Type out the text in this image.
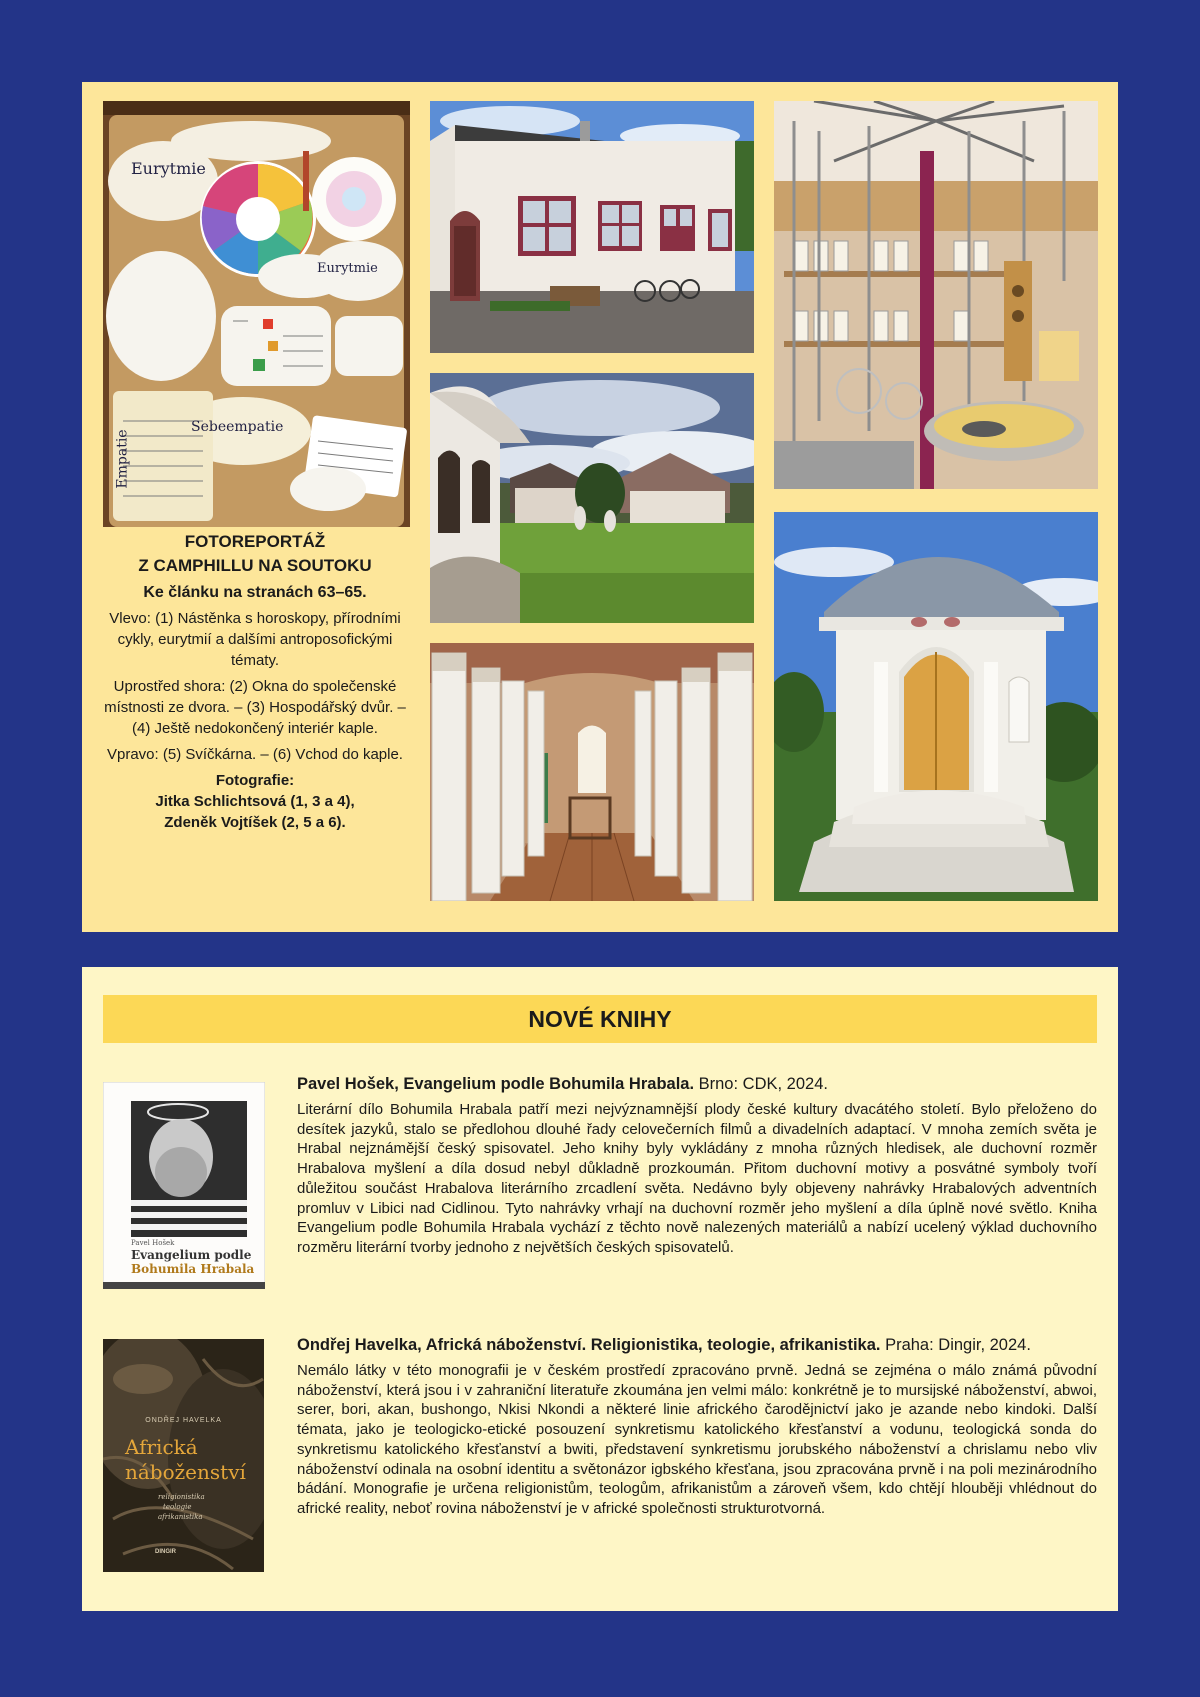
Eurytmie
Eurytmie
Sebeempatie
Empatie
FOTOREPORTÁŽ
Z CAMPHILLU NA SOUTOKU
Ke článku na stranách 63–65.

Vlevo: (1) Nástěnka s horoskopy, přírodními cykly, eurytmií a dalšími antroposofickými tématy.

Uprostřed shora: (2) Okna do společenské místnosti ze dvora. – (3) Hospodářský dvůr. – (4) Ještě nedokončený interiér kaple.

Vpravo: (5) Svíčkárna. – (6) Vchod do kaple.

Fotografie:
Jitka Schlichtsová (1, 3 a 4),
Zdeněk Vojtíšek (2, 5 a 6).
NOVÉ KNIHY
Pavel Hošek
Evangelium podle
Bohumila Hrabala
Pavel Hošek, Evangelium podle Bohumila Hrabala. Brno: CDK, 2024.
Literární dílo Bohumila Hrabala patří mezi nejvýznamnější plody české kultury dvacátého století. Bylo přeloženo do desítek jazyků, stalo se předlohou dlouhé řady celovečerních filmů a divadelních adaptací. V mnoha zemích světa je Hrabal nejznámější český spisovatel. Jeho knihy byly vykládány z mnoha různých hledisek, ale duchovní rozměr Hrabalova myšlení a díla dosud nebyl důkladně prozkoumán. Přitom duchovní motivy a posvátné symboly tvoří důležitou součást Hrabalova literárního zrcadlení světa. Nedávno byly objeveny nahrávky Hrabalových adventních promluv v Libici nad Cidlinou. Tyto nahrávky vrhají na duchovní rozměr jeho myšlení a díla úplně nové světlo. Kniha Evangelium podle Bohumila Hrabala vychází z těchto nově nalezených materiálů a nabízí ucelený výklad duchovního rozměru literární tvorby jednoho z největších českých spisovatelů.
ONDŘEJ HAVELKA
Africká
náboženství
religionistika
teologie
afrikanistika
DINGIR
Ondřej Havelka, Africká náboženství. Religionistika, teologie, afrikanistika. Praha: Dingir, 2024.
Nemálo látky v této monografii je v českém prostředí zpracováno prvně. Jedná se zejména o málo známá původní náboženství, která jsou i v zahraniční literatuře zkoumána jen velmi málo: konkrétně je to mursijské náboženství, abwoi, serer, bori, akan, bushongo, Nkisi Nkondi a některé linie afrického čarodějnictví jako je azande nebo kindoki. Další témata, jako je teologicko-etické posouzení synkretismu katolického křesťanství a vodunu, teologická sonda do synkretismu katolického křesťanství a bwiti, představení synkretismu jorubského náboženství a chrislamu nebo vliv náboženství odinala na osobní identitu a světonázor igbského křesťana, jsou zpracována prvně i na poli mezinárodního bádání. Monografie je určena religionistům, teologům, afrikanistům a zároveň všem, kdo chtějí hlouběji vhlédnout do africké reality, neboť rovina náboženství je v africké společnosti strukturotvorná.
